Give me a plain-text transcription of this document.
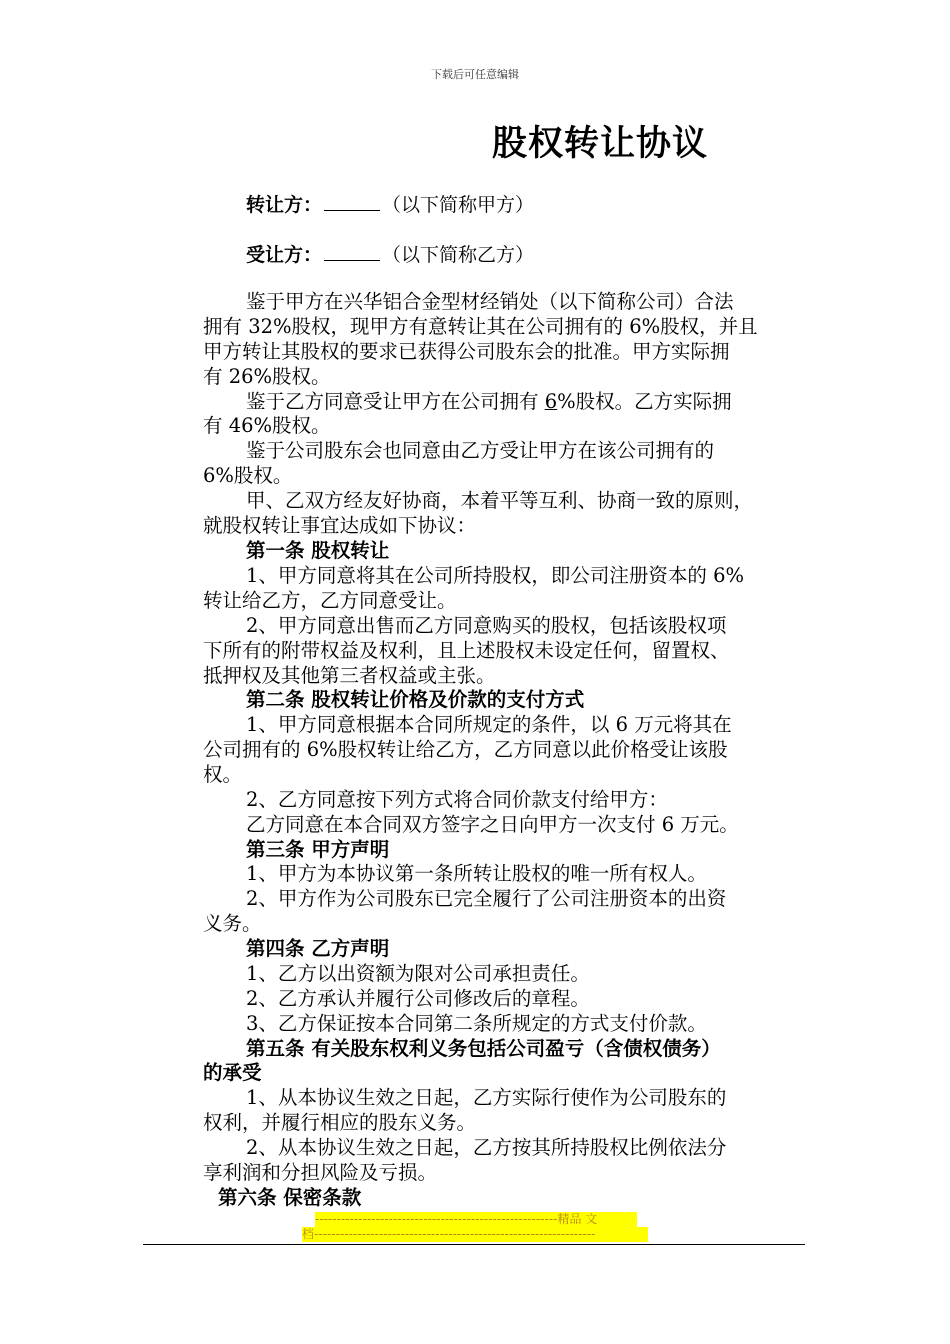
下载后可任意编辑
股权转让协议
转让方：	（以下简称甲方）
受让方：	（以下简称乙方）
鉴于甲方在兴华铝合金型材经销处（以下简称公司）合法
拥有 32%股权，现甲方有意转让其在公司拥有的 6%股权，并且
甲方转让其股权的要求已获得公司股东会的批准。甲方实际拥
有 26%股权。
鉴于乙方同意受让甲方在公司拥有 6%股权。乙方实际拥
有 46%股权。
鉴于公司股东会也同意由乙方受让甲方在该公司拥有的
6%股权。
甲、乙双方经友好协商，本着平等互利、协商一致的原则，
就股权转让事宜达成如下协议：
第一条 股权转让
1、甲方同意将其在公司所持股权，即公司注册资本的 6%
转让给乙方，乙方同意受让。
2、甲方同意出售而乙方同意购买的股权，包括该股权项
下所有的附带权益及权利，且上述股权未设定任何，留置权、
抵押权及其他第三者权益或主张。
第二条 股权转让价格及价款的支付方式
1、甲方同意根据本合同所规定的条件，以 6 万元将其在
公司拥有的 6%股权转让给乙方，乙方同意以此价格受让该股
权。
2、乙方同意按下列方式将合同价款支付给甲方：
乙方同意在本合同双方签字之日向甲方一次支付 6 万元。
第三条 甲方声明
1、甲方为本协议第一条所转让股权的唯一所有权人。
2、甲方作为公司股东已完全履行了公司注册资本的出资
义务。
第四条 乙方声明
1、乙方以出资额为限对公司承担责任。
2、乙方承认并履行公司修改后的章程。
3、乙方保证按本合同第二条所规定的方式支付价款。
第五条 有关股东权利义务包括公司盈亏（含债权债务）
的承受
1、从本协议生效之日起，乙方实际行使作为公司股东的
权利，并履行相应的股东义务。
2、从本协议生效之日起，乙方按其所持股权比例依法分
享利润和分担风险及亏损。
第六条 保密条款
--------------------------------------------------------精品 文
档-----------------------------------------------------------------
